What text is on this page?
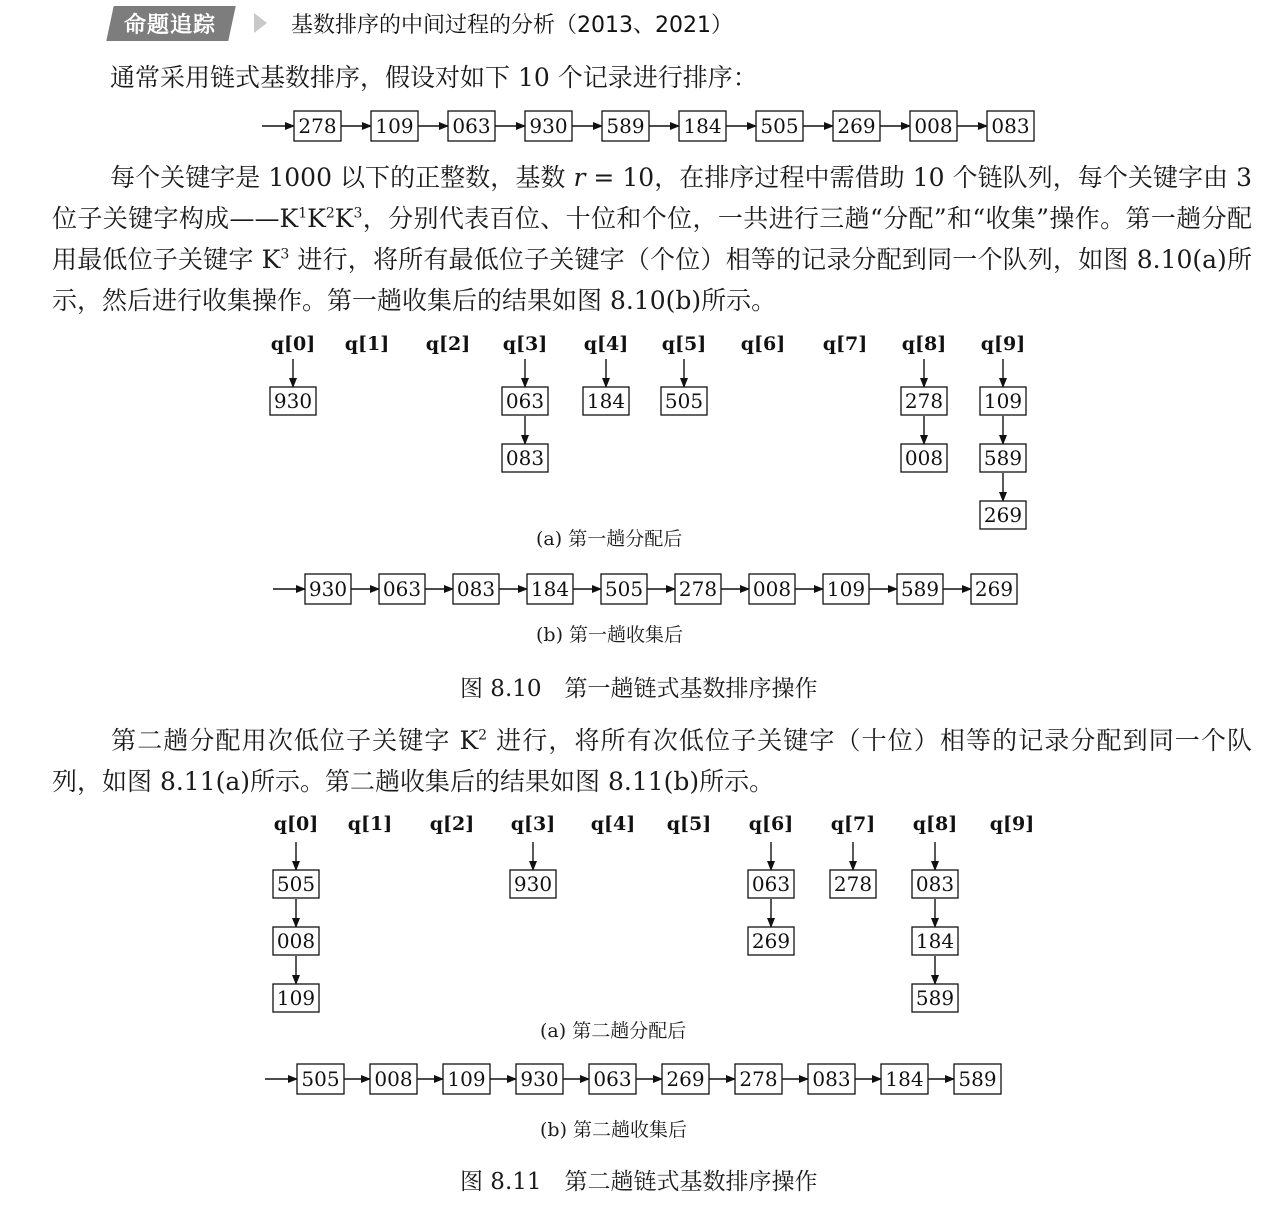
命题追踪	基数排序的中间过程的分析（2013、2021）
通常采用链式基数排序，假设对如下 10 个记录进行排序：
278 109 063 930 589 184 505 269 008 083
q[0]
930
q[1] q[2] q[3]
063
083
q[4]
184
q[5]
505
q[6] q[7] q[8]
278
008
q[9]
109
589
269
930 063 083 184 505 278 008 109 589 269
q[0]
505
008
109
q[1] q[2] q[3]
930
q[4] q[5] q[6]
063
269
q[7]
278
q[8]
083
184
589
q[9]
505 008 109 930 063 269 278 083 184 589
每个关键字是 1000 以下的正整数，基数 r = 10，在排序过程中需借助 10 个链队列，每个关键字由 3 位子关键字构成$——K^1K^2K^3$，分别代表百位、十位和个位，一共进行三趟“分配”和“收集”操作。第一趟分配用最低位子关键字 $K^3$ 进行，将所有最低位子关键字（个位）相等的记录分配到同一个队列，如图 8.10(a)所示，然后进行收集操作。第一趟收集后的结果如图 8.10(b)所示。
(a) 第一趟分配后
(b) 第一趟收集后
图 8.10　第一趟链式基数排序操作
第二趟分配用次低位子关键字 $K^2$ 进行，将所有次低位子关键字（十位）相等的记录分配到同一个队列，如图 8.11(a)所示。第二趟收集后的结果如图 8.11(b)所示。
(a) 第二趟分配后
(b) 第二趟收集后
图 8.11　第二趟链式基数排序操作
